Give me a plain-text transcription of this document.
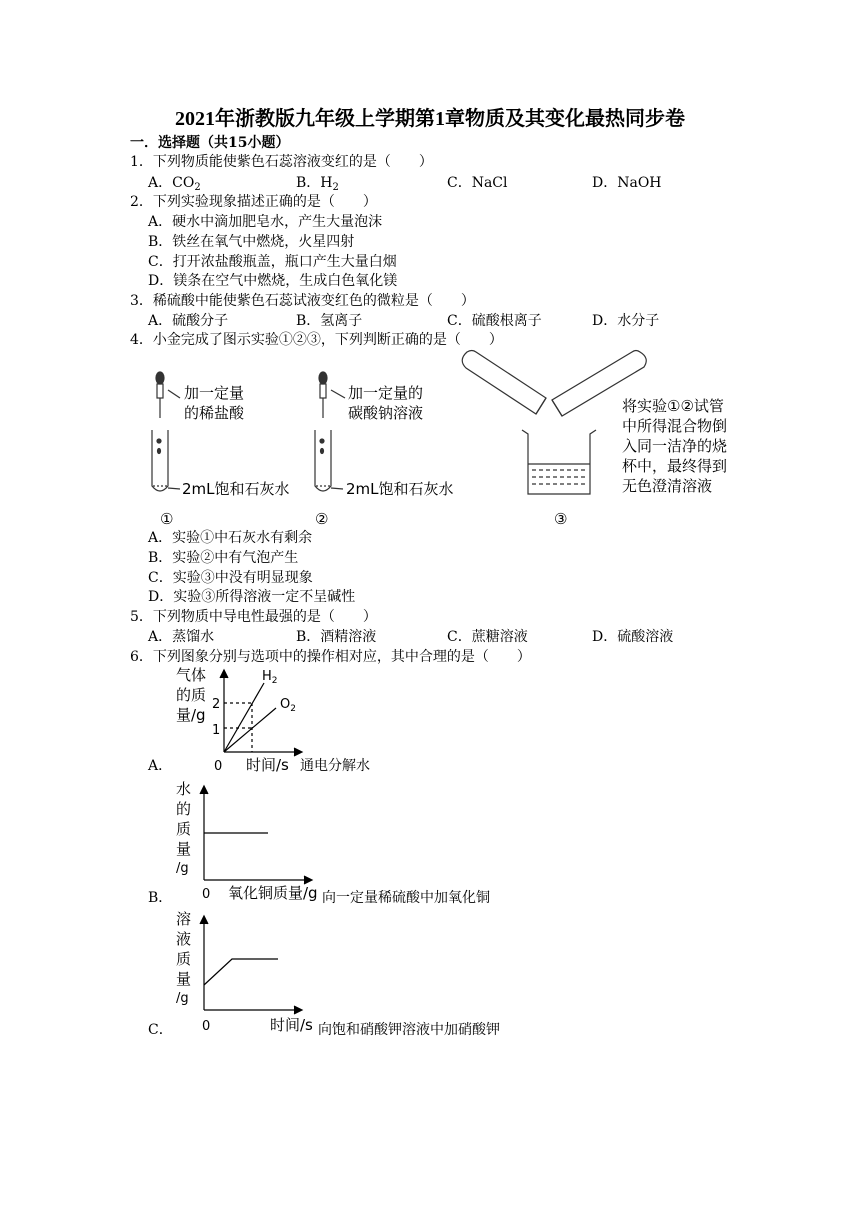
2021年浙教版九年级上学期第1章物质及其变化最热同步卷
一．选择题（共15小题）
1．下列物质能使紫色石蕊溶液变红的是（　　）
A．$CO_2$	B．$H_2$	C．NaCl	D．NaOH
2．下列实验现象描述正确的是（　　）
A．硬水中滴加肥皂水，产生大量泡沫
B．铁丝在氧气中燃烧，火星四射
C．打开浓盐酸瓶盖，瓶口产生大量白烟
D．镁条在空气中燃烧，生成白色氧化镁
3．稀硫酸中能使紫色石蕊试液变红色的微粒是（　　）
A．硫酸分子	B．氢离子	C．硫酸根离子	D．水分子
4．小金完成了图示实验①②③，下列判断正确的是（　　）
加一定量
的稀盐酸
2mL饱和石灰水
①
加一定量的
碳酸钠溶液
2mL饱和石灰水
②
将实验①②试管
中所得混合物倒
入同一洁净的烧
杯中，最终得到
无色澄清溶液
③
A．实验①中石灰水有剩余
B．实验②中有气泡产生
C．实验③中没有明显现象
D．实验③所得溶液一定不呈碱性
5．下列物质中导电性最强的是（　　）
A．蒸馏水	B．酒精溶液	C．蔗糖溶液	D．硫酸溶液
6．下列图象分别与选项中的操作相对应，其中合理的是（　　）
气体
的质
量/g
2
1
$H_2$
$O_2$
0 时间/s
A．	通电分解水
水
的
质
量
/g
0 氧化铜质量/g
B．	向一定量稀硫酸中加氧化铜
溶
液
质
量
/g
0	时间/s
C．	向饱和硝酸钾溶液中加硝酸钾
